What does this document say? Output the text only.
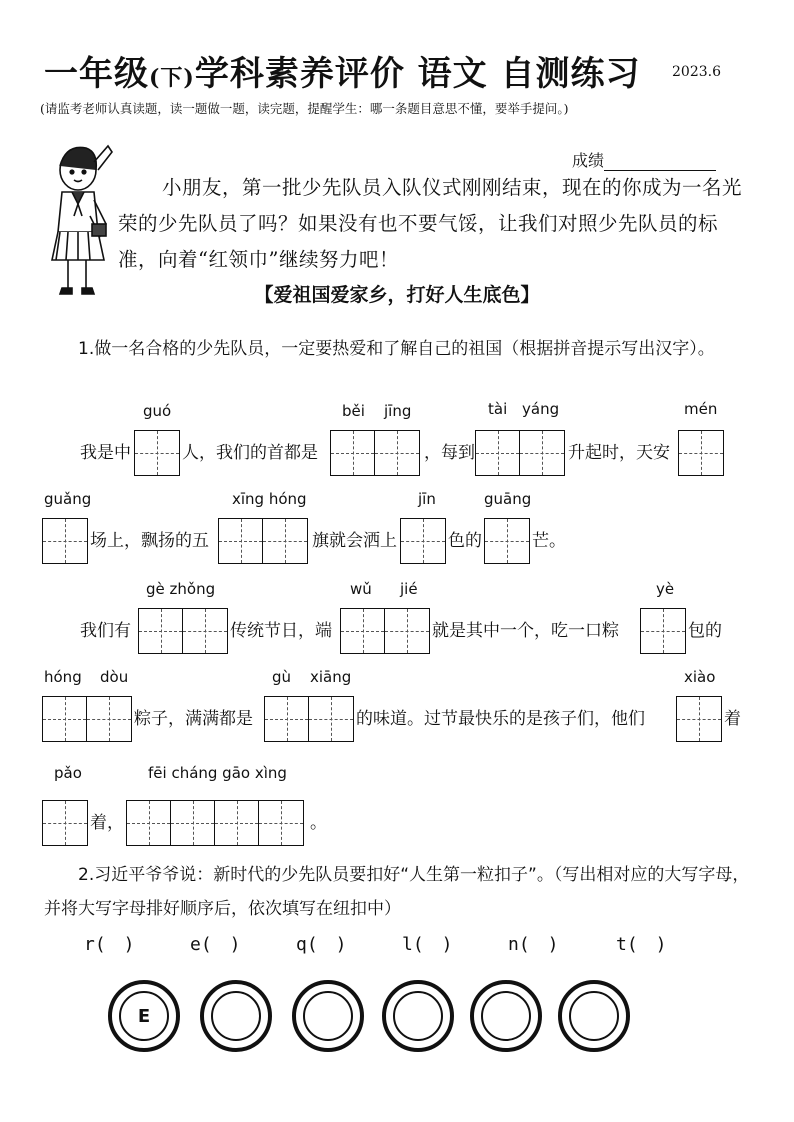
一年级(下)学科素养评价 语文 自测练习 2023.6
(请监考老师认真读题，读一题做一题，读完题，提醒学生：哪一条题目意思不懂，要举手提问。)
成绩
小朋友，第一批少先队员入队仪式刚刚结束，现在的你成为一名光荣的少先队员了吗？如果没有也不要气馁，让我们对照少先队员的标准，向着“红领巾”继续努力吧！
【爱祖国爱家乡，打好人生底色】
1.做一名合格的少先队员，一定要热爱和了解自己的祖国（根据拼音提示写出汉字）。
guó	běi jīng	tài yáng	mén
我是中	人，我们的首都是	，每到	升起时，天安
guǎng	xīng hóng	jīn	guāng
场上，飘扬的五	旗就会洒上	色的	芒。
gè zhǒng	wǔ jié	yè
我们有	传统节日，端	就是其中一个，吃一口粽	包的
hóng dòu	gù xiāng	xiào
粽子，满满都是	的味道。过节最快乐的是孩子们，他们	着
pǎo	fēi cháng gāo xìng
着，	。
2.习近平爷爷说：新时代的少先队员要扣好“人生第一粒扣子”。（写出相对应的大写字母，并将大写字母排好顺序后，依次填写在纽扣中）
r(　)	e(　)	q(　)	l(　)	n(　)	t(　)
E
